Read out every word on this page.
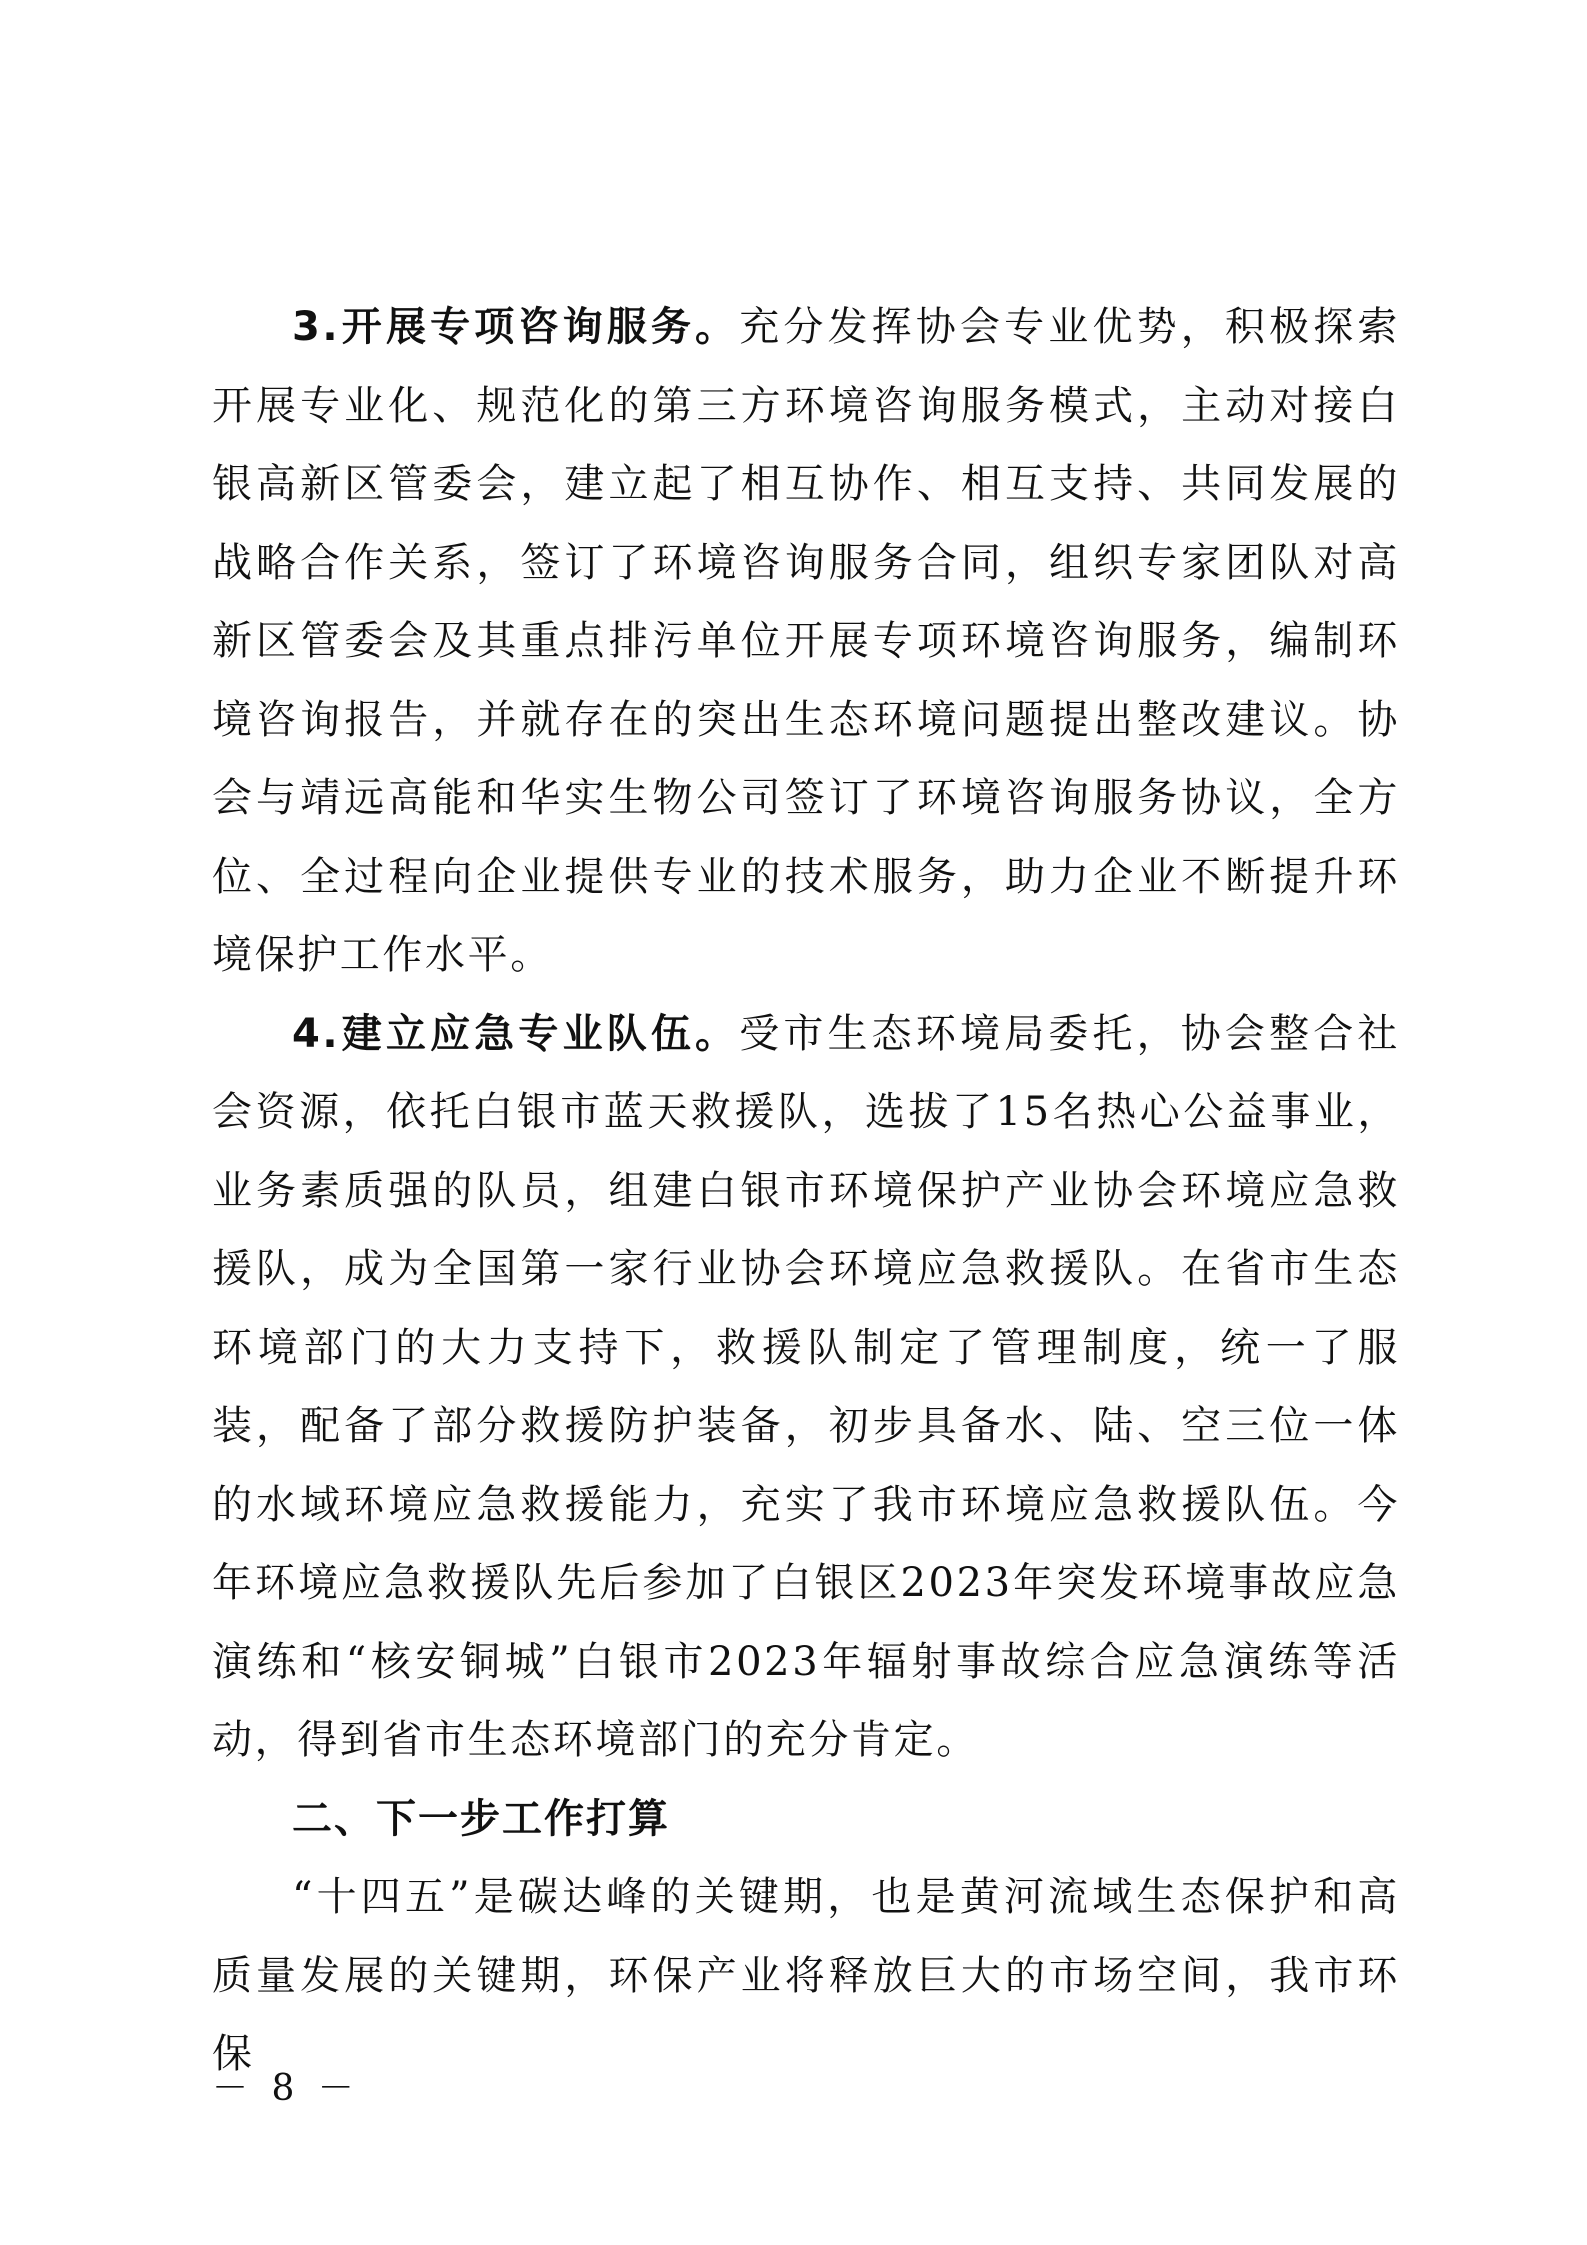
3.开展专项咨询服务。充分发挥协会专业优势，积极探索开展专业化、规范化的第三方环境咨询服务模式，主动对接白银高新区管委会，建立起了相互协作、相互支持、共同发展的战略合作关系，签订了环境咨询服务合同，组织专家团队对高新区管委会及其重点排污单位开展专项环境咨询服务，编制环境咨询报告，并就存在的突出生态环境问题提出整改建议。协会与靖远高能和华实生物公司签订了环境咨询服务协议，全方位、全过程向企业提供专业的技术服务，助力企业不断提升环境保护工作水平。

4.建立应急专业队伍。受市生态环境局委托，协会整合社会资源，依托白银市蓝天救援队，选拔了15名热心公益事业，业务素质强的队员，组建白银市环境保护产业协会环境应急救援队，成为全国第一家行业协会环境应急救援队。在省市生态环境部门的大力支持下，救援队制定了管理制度，统一了服装，配备了部分救援防护装备，初步具备水、陆、空三位一体的水域环境应急救援能力，充实了我市环境应急救援队伍。今年环境应急救援队先后参加了白银区2023年突发环境事故应急演练和“核安铜城”白银市2023年辐射事故综合应急演练等活动，得到省市生态环境部门的充分肯定。

二、下一步工作打算

“十四五”是碳达峰的关键期，也是黄河流域生态保护和高质量发展的关键期，环保产业将释放巨大的市场空间，我市环保

－ 8 －
